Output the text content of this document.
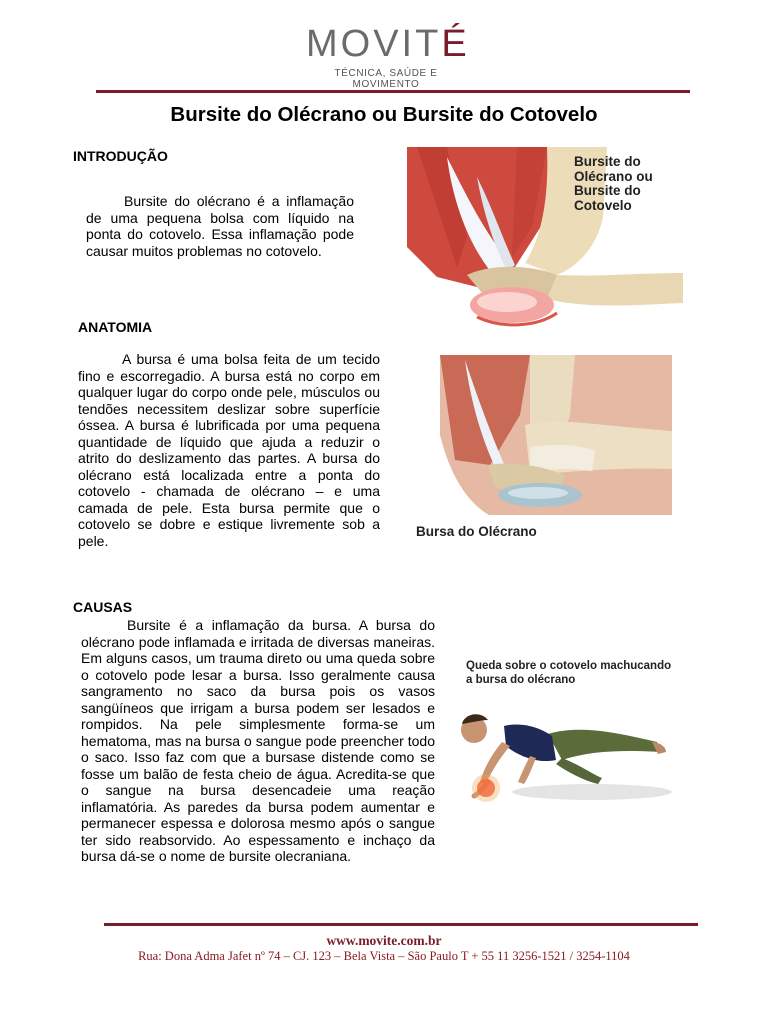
MOVITÉ
TÉCNICA, SAÚDE E MOVIMENTO
Bursite do Olécrano ou Bursite do Cotovelo
INTRODUÇÃO
Bursite do olécrano é a inflamação de uma pequena bolsa com líquido na ponta do cotovelo. Essa inflamação pode causar muitos problemas no cotovelo.
Bursite do
Olécrano ou
Bursite do
Cotovelo
ANATOMIA
A bursa é uma bolsa feita de um tecido fino e escorregadio. A bursa está no corpo em qualquer lugar do corpo onde pele, músculos ou tendões necessitem deslizar sobre superfície óssea. A bursa é lubrificada por uma pequena quantidade de líquido que ajuda a reduzir o atrito do deslizamento das partes. A bursa do olécrano está localizada entre a ponta do cotovelo - chamada de olécrano – e uma camada de pele. Esta bursa permite que o cotovelo se dobre e estique livremente sob a pele.
Bursa do Olécrano
CAUSAS
Bursite é a inflamação da bursa. A bursa do olécrano pode inflamada e irritada de diversas maneiras. Em alguns casos, um trauma direto ou uma queda sobre o cotovelo pode lesar a bursa. Isso geralmente causa sangramento no saco da bursa pois os vasos sangüíneos que irrigam a bursa podem ser lesados e rompidos. Na pele simplesmente forma-se um hematoma, mas na bursa o sangue pode preencher todo o saco. Isso faz com que a bursase distende como se fosse um balão de festa cheio de água. Acredita-se que o sangue na bursa desencadeie uma reação inflamatória. As paredes da bursa podem aumentar e permanecer espessa e dolorosa mesmo após o sangue ter sido reabsorvido. Ao espessamento e inchaço da bursa dá-se o nome de bursite olecraniana.
Queda sobre o cotovelo machucando
a bursa do olécrano
www.movite.com.br
Rua: Dona Adma Jafet nº 74 – CJ. 123 – Bela Vista – São Paulo T + 55 11 3256-1521 / 3254-1104
